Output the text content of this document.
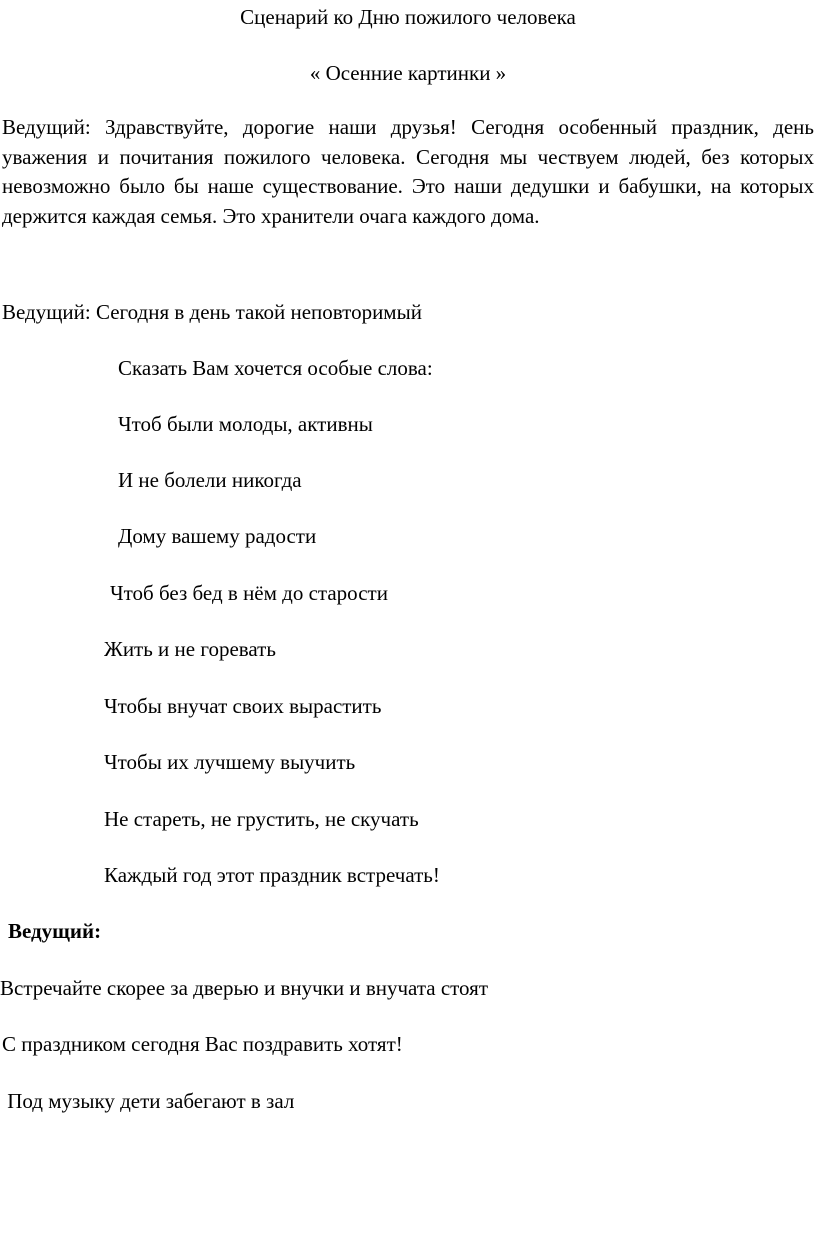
Сценарий ко Дню пожилого человека
« Осенние картинки »
Ведущий: Здравствуйте, дорогие наши друзья! Сегодня особенный праздник, день уважения и почитания пожилого человека. Сегодня мы чествуем людей, без которых невозможно было бы наше существование. Это наши дедушки и бабушки, на которых держится каждая семья. Это хранители очага каждого дома.
Ведущий: Сегодня в день такой неповторимый
Сказать Вам хочется особые слова:
Чтоб были молоды, активны
И не болели никогда
Дому вашему радости
Чтоб без бед в нём до старости
Жить и не горевать
Чтобы внучат своих вырастить
Чтобы их лучшему выучить
Не стареть, не грустить, не скучать
Каждый год этот праздник встречать!
Ведущий:
Встречайте скорее за дверью и внучки и внучата стоят
С праздником сегодня Вас поздравить хотят!
Под музыку дети забегают в зал
